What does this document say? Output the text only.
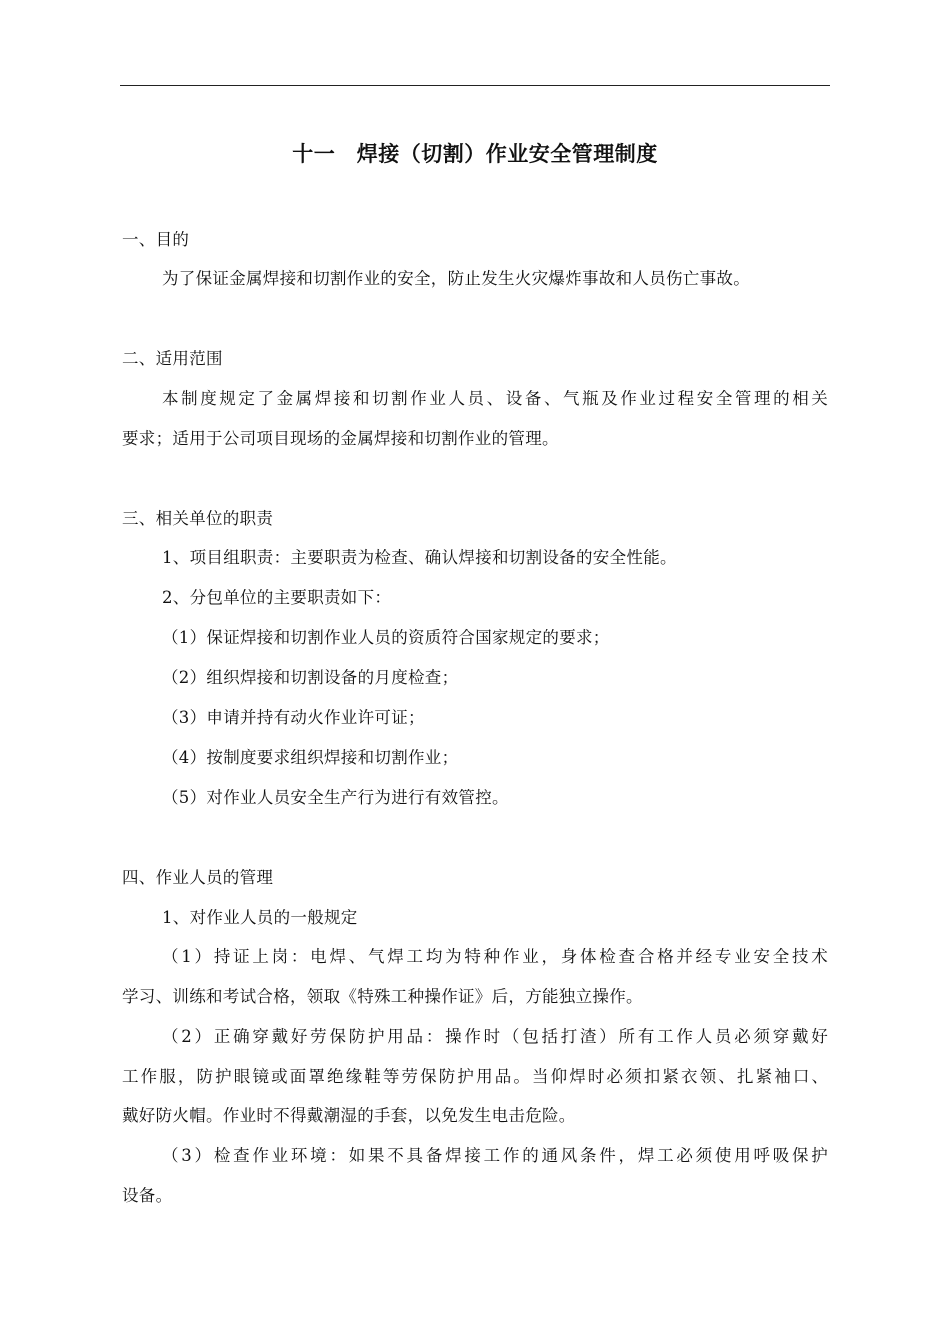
十一　焊接（切割）作业安全管理制度
一、目的
为了保证金属焊接和切割作业的安全，防止发生火灾爆炸事故和人员伤亡事故。
二、适用范围
本制度规定了金属焊接和切割作业人员、设备、气瓶及作业过程安全管理的相关
要求；适用于公司项目现场的金属焊接和切割作业的管理。
三、相关单位的职责
1、项目组职责：主要职责为检查、确认焊接和切割设备的安全性能。
2、分包单位的主要职责如下：
（1）保证焊接和切割作业人员的资质符合国家规定的要求；
（2）组织焊接和切割设备的月度检查；
（3）申请并持有动火作业许可证；
（4）按制度要求组织焊接和切割作业；
（5）对作业人员安全生产行为进行有效管控。
四、作业人员的管理
1、对作业人员的一般规定
（1）持证上岗：电焊、气焊工均为特种作业，身体检查合格并经专业安全技术
学习、训练和考试合格，领取《特殊工种操作证》后，方能独立操作。
（2）正确穿戴好劳保防护用品：操作时（包括打渣）所有工作人员必须穿戴好
工作服，防护眼镜或面罩绝缘鞋等劳保防护用品。当仰焊时必须扣紧衣领、扎紧袖口、
戴好防火帽。作业时不得戴潮湿的手套，以免发生电击危险。
（3）检查作业环境：如果不具备焊接工作的通风条件，焊工必须使用呼吸保护
设备。
